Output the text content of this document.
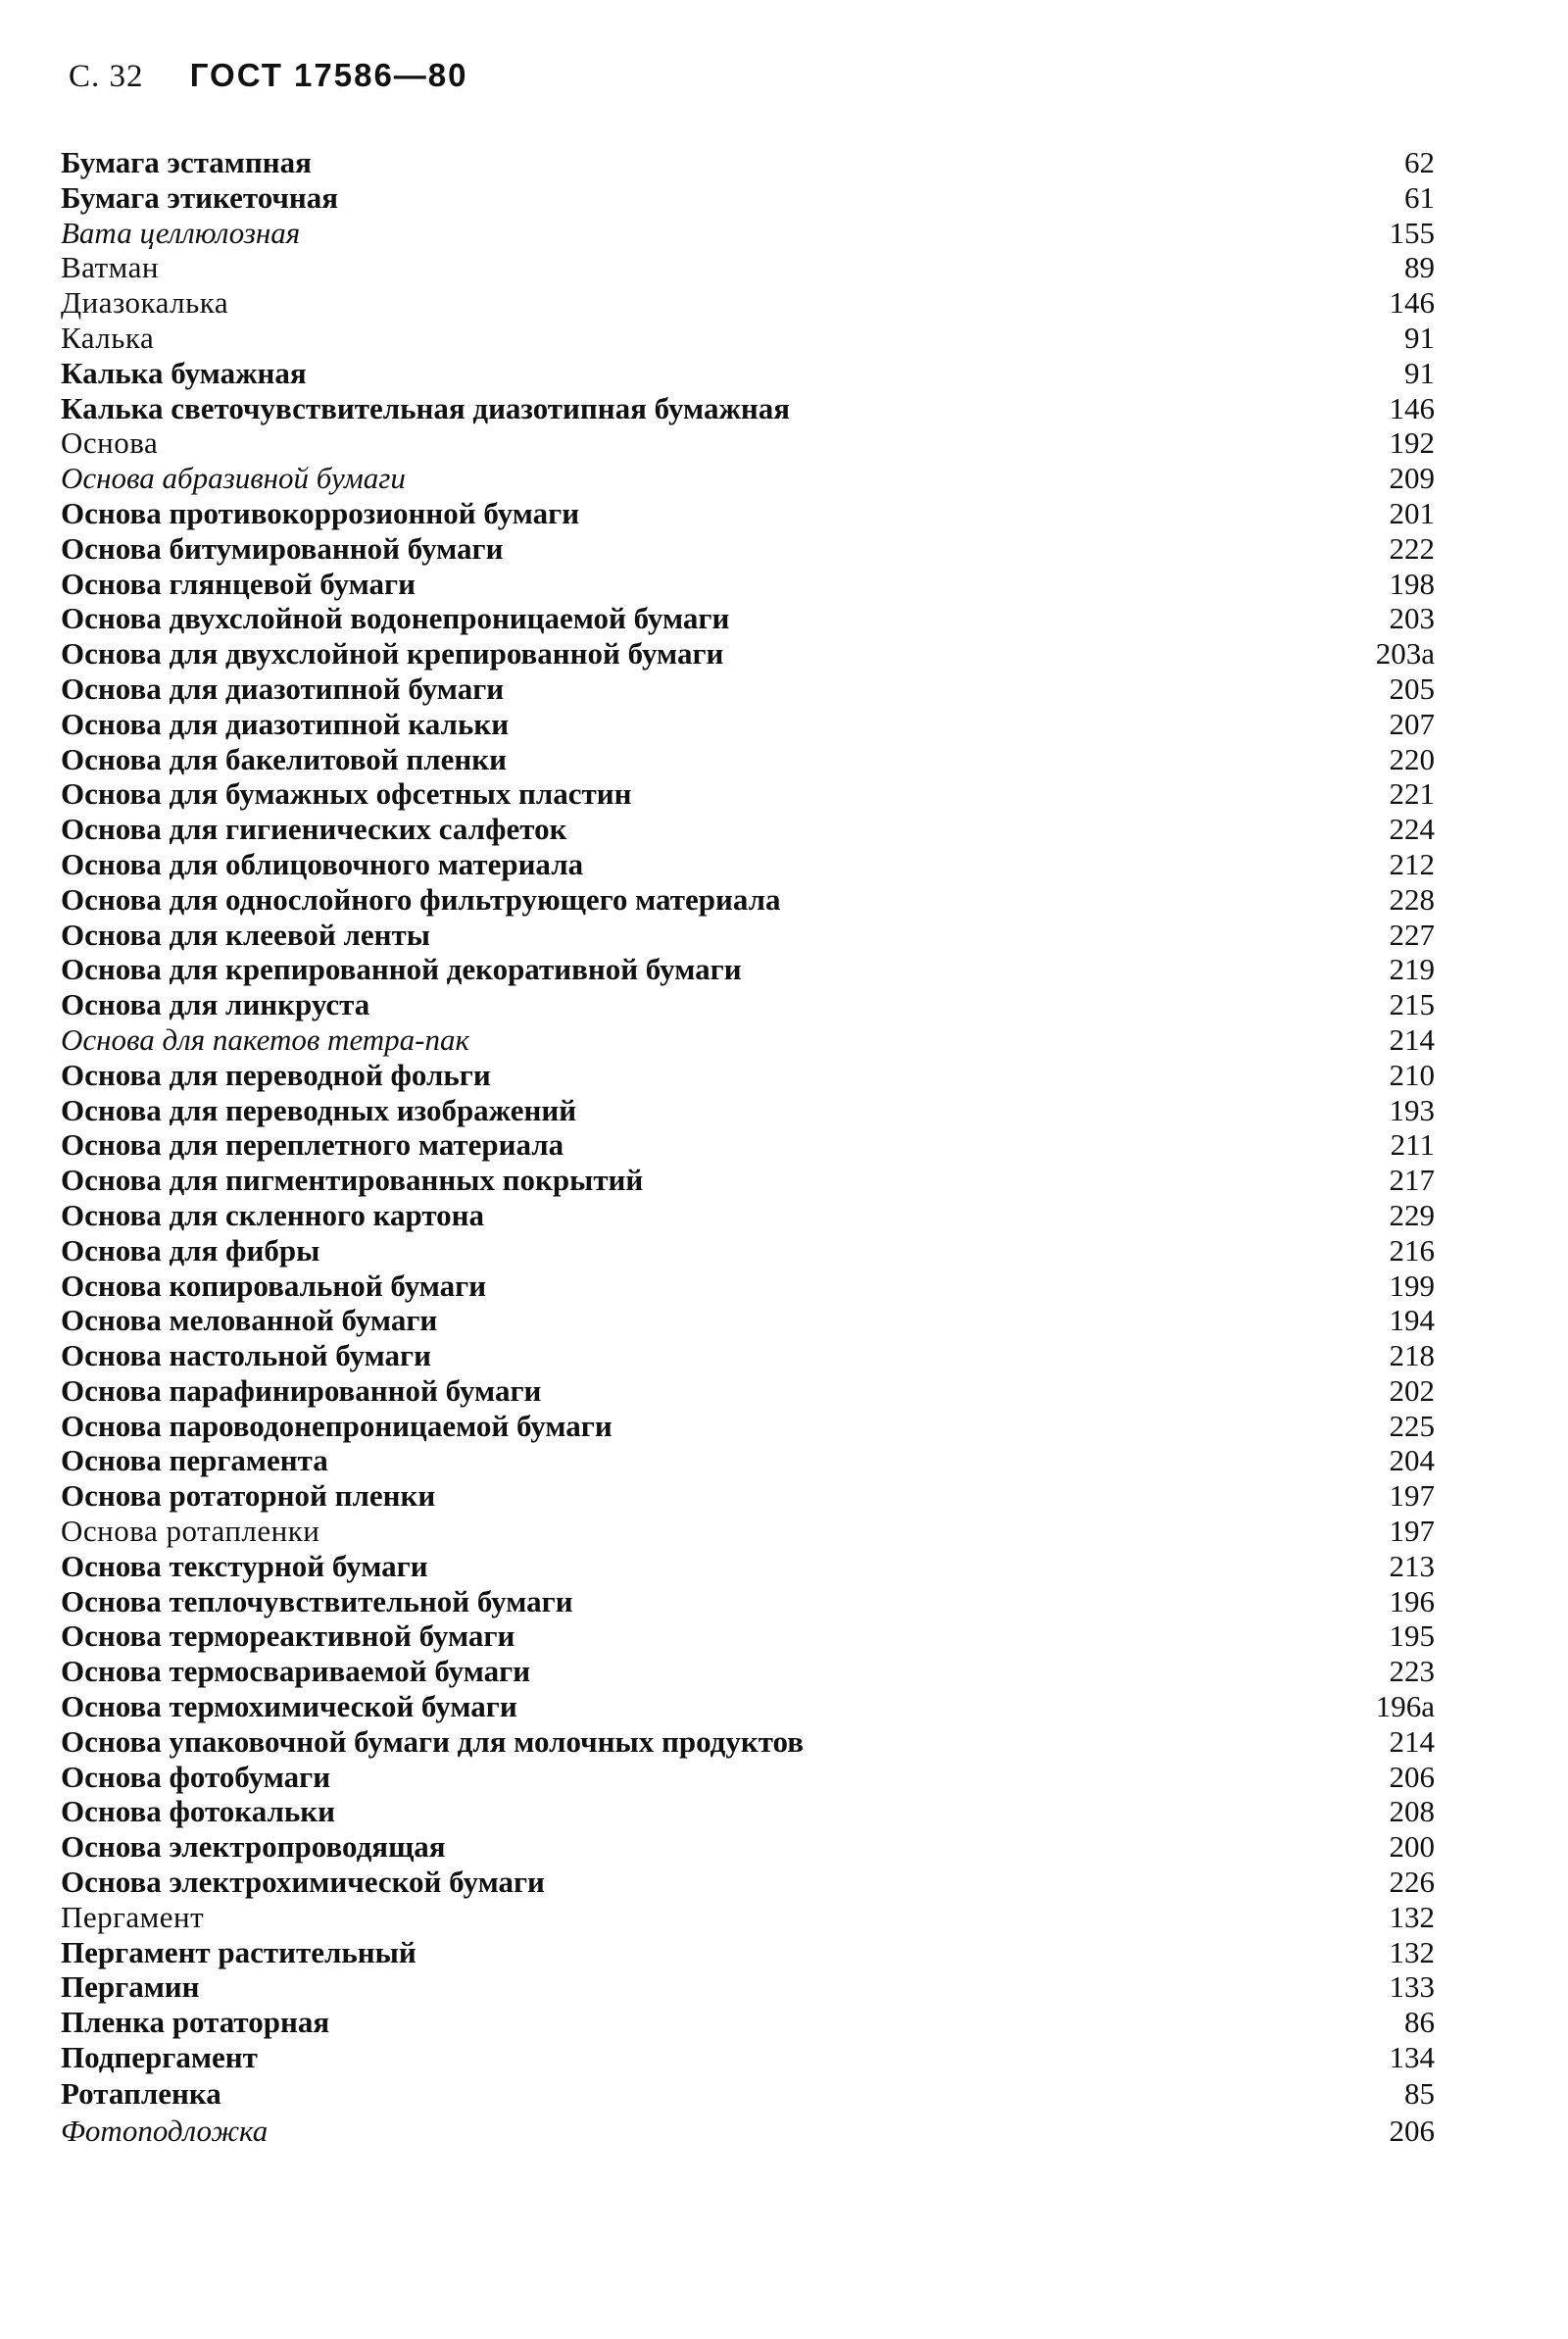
С. 32 ГОСТ 17586—80
Бумага эстампная	62
Бумага этикеточная	61
Вата целлюлозная	155
Ватман	89
Диазокалька	146
Калька	91
Калька бумажная	91
Калька светочувствительная диазотипная бумажная	146
Основа	192
Основа абразивной бумаги	209
Основа противокоррозионной бумаги	201
Основа битумированной бумаги	222
Основа глянцевой бумаги	198
Основа двухслойной водонепроницаемой бумаги	203
Основа для двухслойной крепированной бумаги	203а
Основа для диазотипной бумаги	205
Основа для диазотипной кальки	207
Основа для бакелитовой пленки	220
Основа для бумажных офсетных пластин	221
Основа для гигиенических салфеток	224
Основа для облицовочного материала	212
Основа для однослойного фильтрующего материала	228
Основа для клеевой ленты	227
Основа для крепированной декоративной бумаги	219
Основа для линкруста	215
Основа для пакетов тетра-пак	214
Основа для переводной фольги	210
Основа для переводных изображений	193
Основа для переплетного материала	211
Основа для пигментированных покрытий	217
Основа для скленного картона	229
Основа для фибры	216
Основа копировальной бумаги	199
Основа мелованной бумаги	194
Основа настольной бумаги	218
Основа парафинированной бумаги	202
Основа пароводонепроницаемой бумаги	225
Основа пергамента	204
Основа ротаторной пленки	197
Основа ротапленки	197
Основа текстурной бумаги	213
Основа теплочувствительной бумаги	196
Основа термореактивной бумаги	195
Основа термосвариваемой бумаги	223
Основа термохимической бумаги	196а
Основа упаковочной бумаги для молочных продуктов	214
Основа фотобумаги	206
Основа фотокальки	208
Основа электропроводящая	200
Основа электрохимической бумаги	226
Пергамент	132
Пергамент растительный	132
Пергамин	133
Пленка ротаторная	86
Подпергамент	134
Ротапленка	85
Фотоподложка	206
